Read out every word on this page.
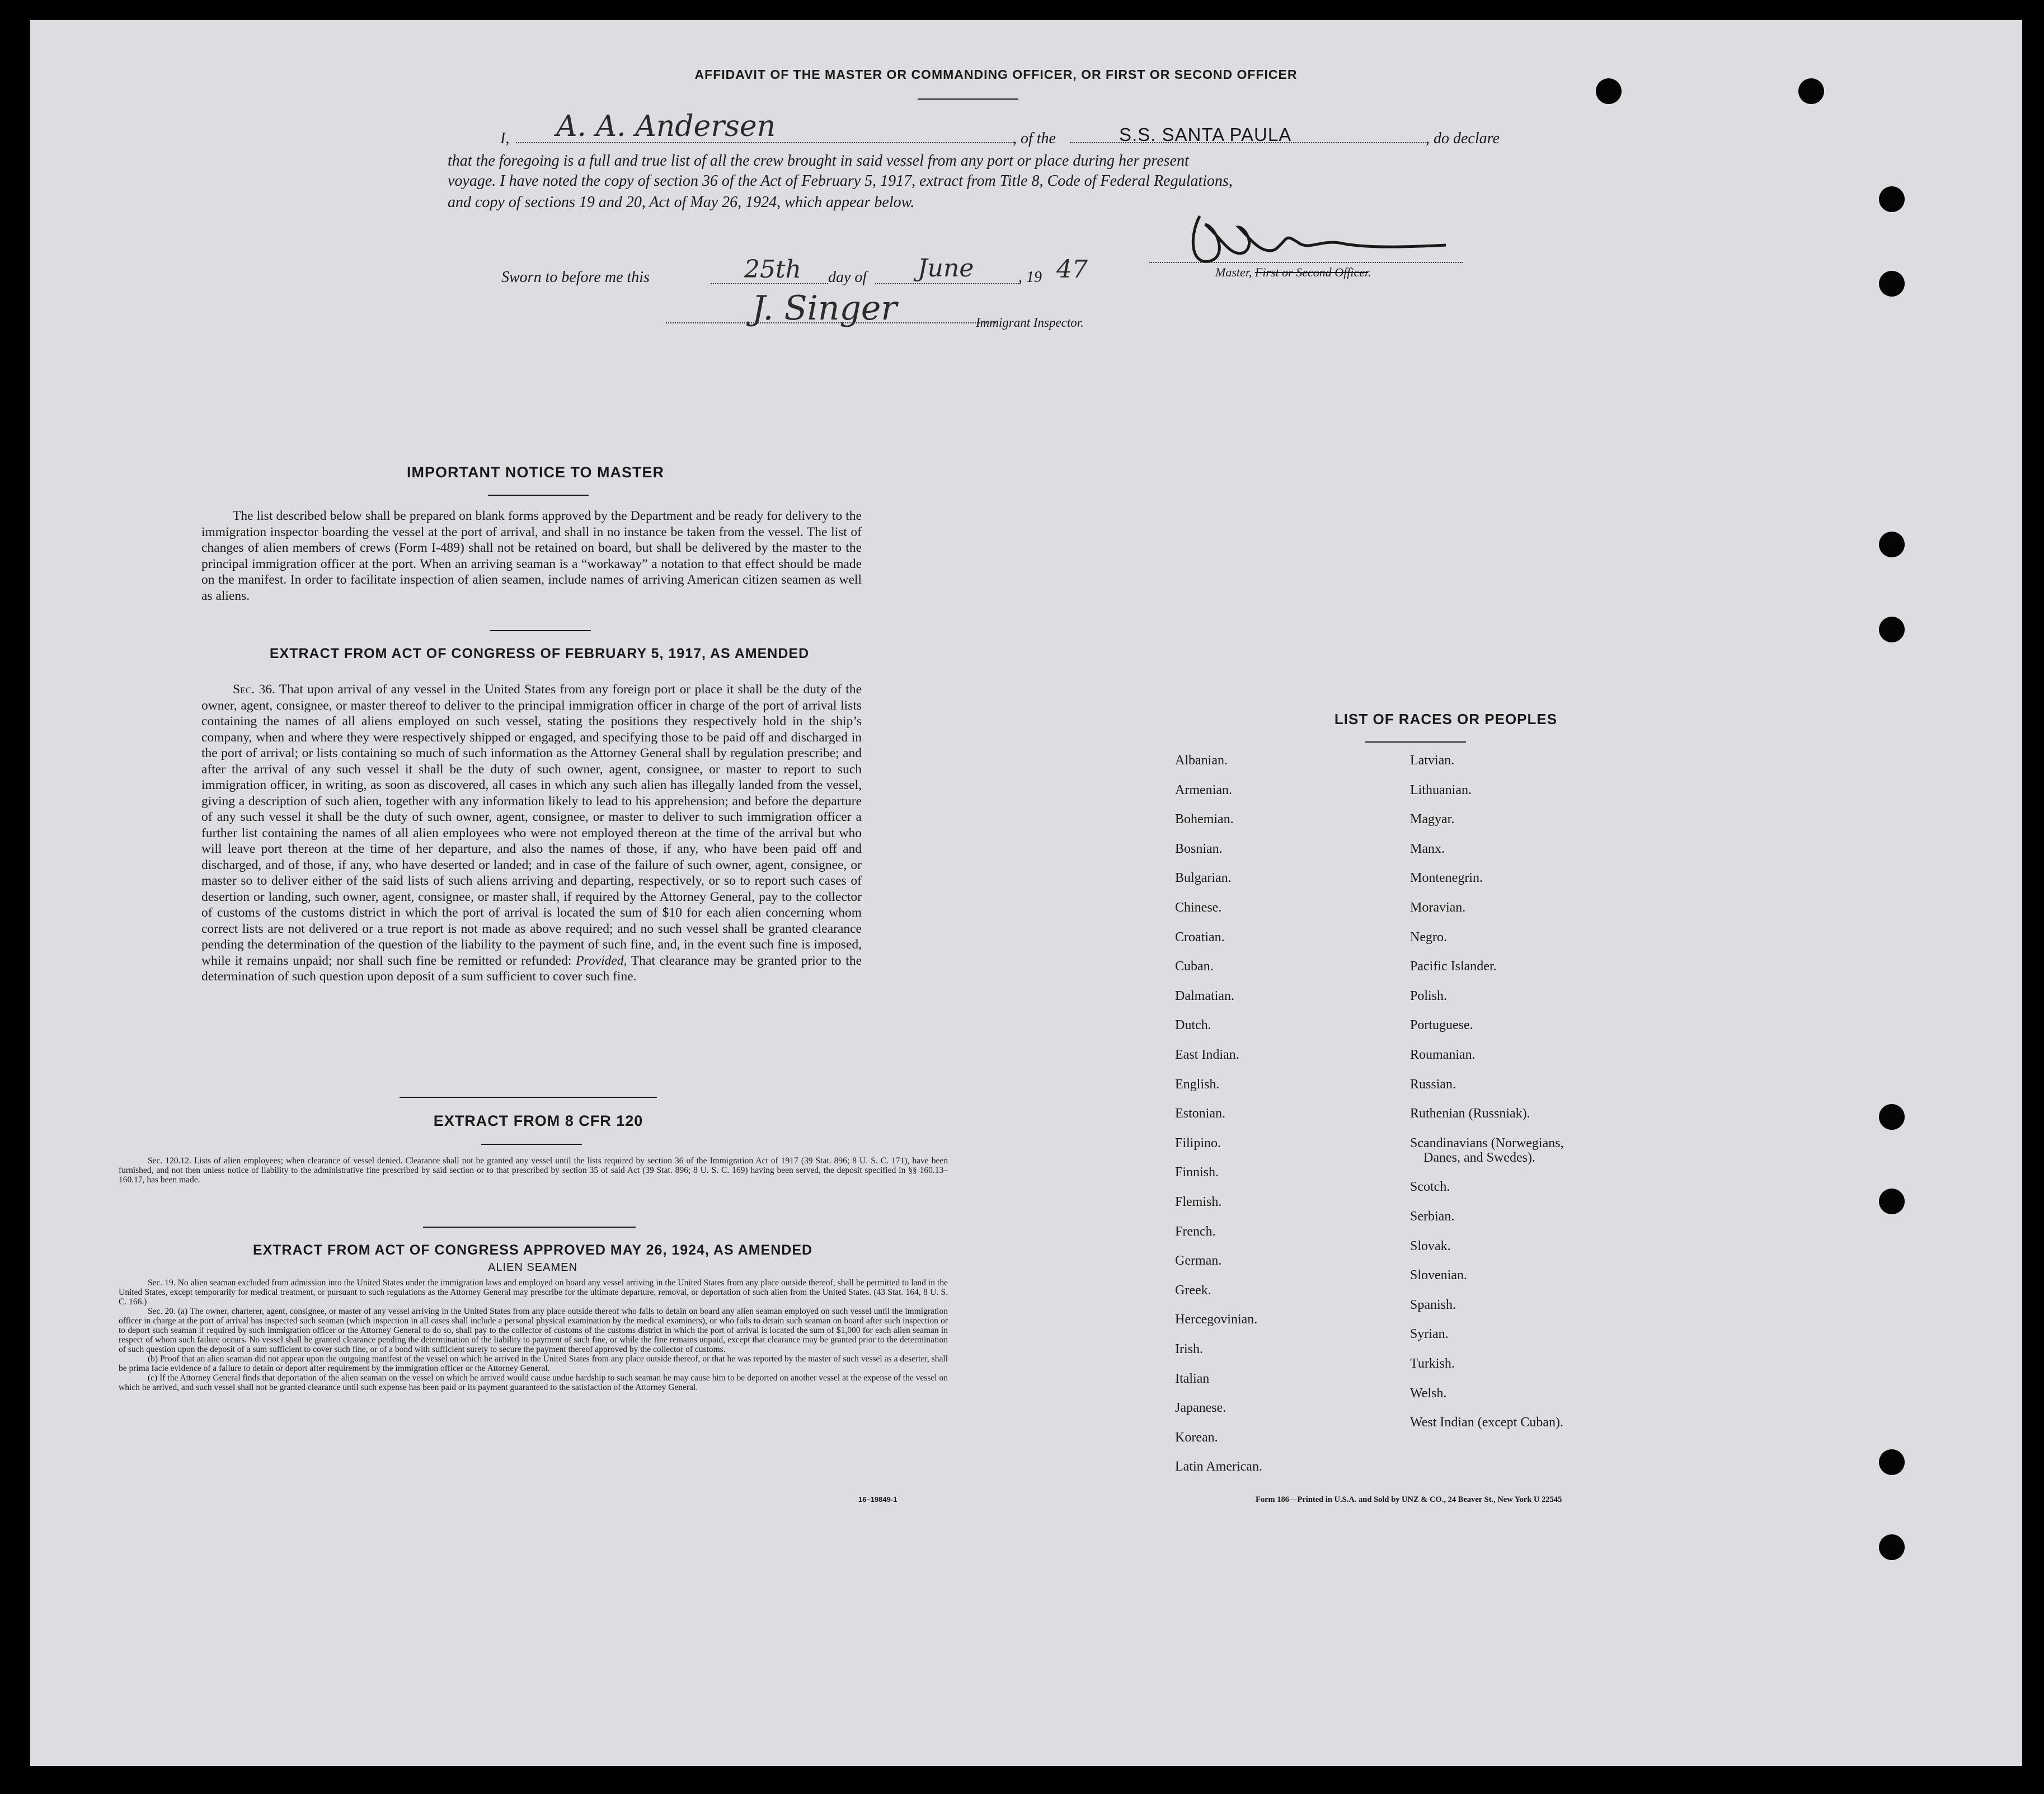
AFFIDAVIT OF THE MASTER OR COMMANDING OFFICER, OR FIRST OR SECOND OFFICER
I, A. A. Andersen	, of the	S.S. SANTA PAULA	, do declare
that the foregoing is a full and true list of all the crew brought in said vessel from any port or place during her present
voyage. I have noted the copy of section 36 of the Act of February 5, 1917, extract from Title 8, Code of Federal Regulations,
and copy of sections 19 and 20, Act of May 26, 1924, which appear below.
Master, First or Second Officer.
Sworn to before me this	25th day of June	, 19 47
J. Singer	Immigrant Inspector.
IMPORTANT NOTICE TO MASTER
The list described below shall be prepared on blank forms approved by the Department and be ready for delivery to the immigration inspector boarding the vessel at the port of arrival, and shall in no instance be taken from the vessel. The list of changes of alien members of crews (Form I-489) shall not be retained on board, but shall be delivered by the master to the principal immigration officer at the port. When an arriving seaman is a “workaway” a notation to that effect should be made on the manifest. In order to facilitate inspection of alien seamen, include names of arriving American citizen seamen as well as aliens.
EXTRACT FROM ACT OF CONGRESS OF FEBRUARY 5, 1917, AS AMENDED
Sec. 36. That upon arrival of any vessel in the United States from any foreign port or place it shall be the duty of the owner, agent, consignee, or master thereof to deliver to the principal immigration officer in charge of the port of arrival lists containing the names of all aliens employed on such vessel, stating the positions they respectively hold in the ship’s company, when and where they were respectively shipped or engaged, and specifying those to be paid off and discharged in the port of arrival; or lists containing so much of such information as the Attorney General shall by regulation prescribe; and after the arrival of any such vessel it shall be the duty of such owner, agent, consignee, or master to report to such immigration officer, in writing, as soon as discovered, all cases in which any such alien has illegally landed from the vessel, giving a description of such alien, together with any information likely to lead to his apprehension; and before the departure of any such vessel it shall be the duty of such owner, agent, consignee, or master to deliver to such immigration officer a further list containing the names of all alien employees who were not employed thereon at the time of the arrival but who will leave port thereon at the time of her departure, and also the names of those, if any, who have been paid off and discharged, and of those, if any, who have deserted or landed; and in case of the failure of such owner, agent, consignee, or master so to deliver either of the said lists of such aliens arriving and departing, respectively, or so to report such cases of desertion or landing, such owner, agent, consignee, or master shall, if required by the Attorney General, pay to the collector of customs of the customs district in which the port of arrival is located the sum of $10 for each alien concerning whom correct lists are not delivered or a true report is not made as above required; and no such vessel shall be granted clearance pending the determination of the question of the liability to the payment of such fine, and, in the event such fine is imposed, while it remains unpaid; nor shall such fine be remitted or refunded: Provided, That clearance may be granted prior to the determination of such question upon deposit of a sum sufficient to cover such fine.
EXTRACT FROM 8 CFR 120
Sec. 120.12. Lists of alien employees; when clearance of vessel denied. Clearance shall not be granted any vessel until the lists required by section 36 of the Immigration Act of 1917 (39 Stat. 896; 8 U. S. C. 171), have been furnished, and not then unless notice of liability to the administrative fine prescribed by said section or to that prescribed by section 35 of said Act (39 Stat. 896; 8 U. S. C. 169) having been served, the deposit specified in §§ 160.13–160.17, has been made.
EXTRACT FROM ACT OF CONGRESS APPROVED MAY 26, 1924, AS AMENDED
ALIEN SEAMEN
Sec. 19. No alien seaman excluded from admission into the United States under the immigration laws and employed on board any vessel arriving in the United States from any place outside thereof, shall be permitted to land in the United States, except temporarily for medical treatment, or pursuant to such regulations as the Attorney General may prescribe for the ultimate departure, removal, or deportation of such alien from the United States. (43 Stat. 164, 8 U. S. C. 166.)
Sec. 20. (a) The owner, charterer, agent, consignee, or master of any vessel arriving in the United States from any place outside thereof who fails to detain on board any alien seaman employed on such vessel until the immigration officer in charge at the port of arrival has inspected such seaman (which inspection in all cases shall include a personal physical examination by the medical examiners), or who fails to detain such seaman on board after such inspection or to deport such seaman if required by such immigration officer or the Attorney General to do so, shall pay to the collector of customs of the customs district in which the port of arrival is located the sum of $1,000 for each alien seaman in respect of whom such failure occurs. No vessel shall be granted clearance pending the determination of the liability to payment of such fine, or while the fine remains unpaid, except that clearance may be granted prior to the determination of such question upon the deposit of a sum sufficient to cover such fine, or of a bond with sufficient surety to secure the payment thereof approved by the collector of customs.
(b) Proof that an alien seaman did not appear upon the outgoing manifest of the vessel on which he arrived in the United States from any place outside thereof, or that he was reported by the master of such vessel as a deserter, shall be prima facie evidence of a failure to detain or deport after requirement by the immigration officer or the Attorney General.
(c) If the Attorney General finds that deportation of the alien seaman on the vessel on which he arrived would cause undue hardship to such seaman he may cause him to be deported on another vessel at the expense of the vessel on which he arrived, and such vessel shall not be granted clearance until such expense has been paid or its payment guaranteed to the satisfaction of the Attorney General.
16–19849-1
LIST OF RACES OR PEOPLES
Albanian.
Armenian.
Bohemian.
Bosnian.
Bulgarian.
Chinese.
Croatian.
Cuban.
Dalmatian.
Dutch.
East Indian.
English.
Estonian.
Filipino.
Finnish.
Flemish.
French.
German.
Greek.
Hercegovinian.
Irish.
Italian
Japanese.
Korean.
Latin American.
Latvian.
Lithuanian.
Magyar.
Manx.
Montenegrin.
Moravian.
Negro.
Pacific Islander.
Polish.
Portuguese.
Roumanian.
Russian.
Ruthenian (Russniak).
Scandinavians (Norwegians,
Danes, and Swedes).
Scotch.
Serbian.
Slovak.
Slovenian.
Spanish.
Syrian.
Turkish.
Welsh.
West Indian (except Cuban).
Form 186—Printed in U.S.A. and Sold by UNZ & CO., 24 Beaver St., New York U 22545
